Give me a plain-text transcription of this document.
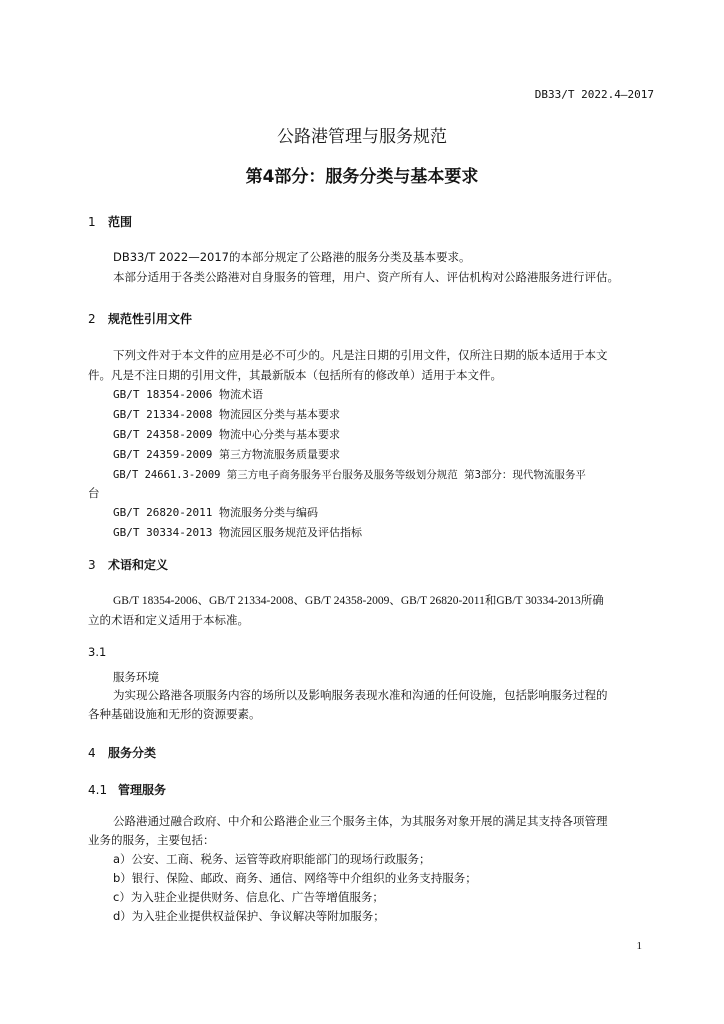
DB33/T 2022.4—2017
公路港管理与服务规范
第4部分：服务分类与基本要求
1 范围
DB33/T 2022—2017的本部分规定了公路港的服务分类及基本要求。
本部分适用于各类公路港对自身服务的管理，用户、资产所有人、评估机构对公路港服务进行评估。
2 规范性引用文件
下列文件对于本文件的应用是必不可少的。凡是注日期的引用文件，仅所注日期的版本适用于本文
件。凡是不注日期的引用文件，其最新版本（包括所有的修改单）适用于本文件。
GB/T 18354-2006 物流术语
GB/T 21334-2008 物流园区分类与基本要求
GB/T 24358-2009 物流中心分类与基本要求
GB/T 24359-2009 第三方物流服务质量要求
GB/T 24661.3-2009 第三方电子商务服务平台服务及服务等级划分规范 第3部分：现代物流服务平
台
GB/T 26820-2011 物流服务分类与编码
GB/T 30334-2013 物流园区服务规范及评估指标
3 术语和定义
GB/T 18354-2006、GB/T 21334-2008、GB/T 24358-2009、GB/T 26820-2011和GB/T 30334-2013所确
立的术语和定义适用于本标准。
3.1
服务环境
为实现公路港各项服务内容的场所以及影响服务表现水准和沟通的任何设施，包括影响服务过程的
各种基础设施和无形的资源要素。
4 服务分类
4.1 管理服务
公路港通过融合政府、中介和公路港企业三个服务主体，为其服务对象开展的满足其支持各项管理
业务的服务，主要包括：
a）公安、工商、税务、运管等政府职能部门的现场行政服务；
b）银行、保险、邮政、商务、通信、网络等中介组织的业务支持服务；
c）为入驻企业提供财务、信息化、广告等增值服务；
d）为入驻企业提供权益保护、争议解决等附加服务；
1
